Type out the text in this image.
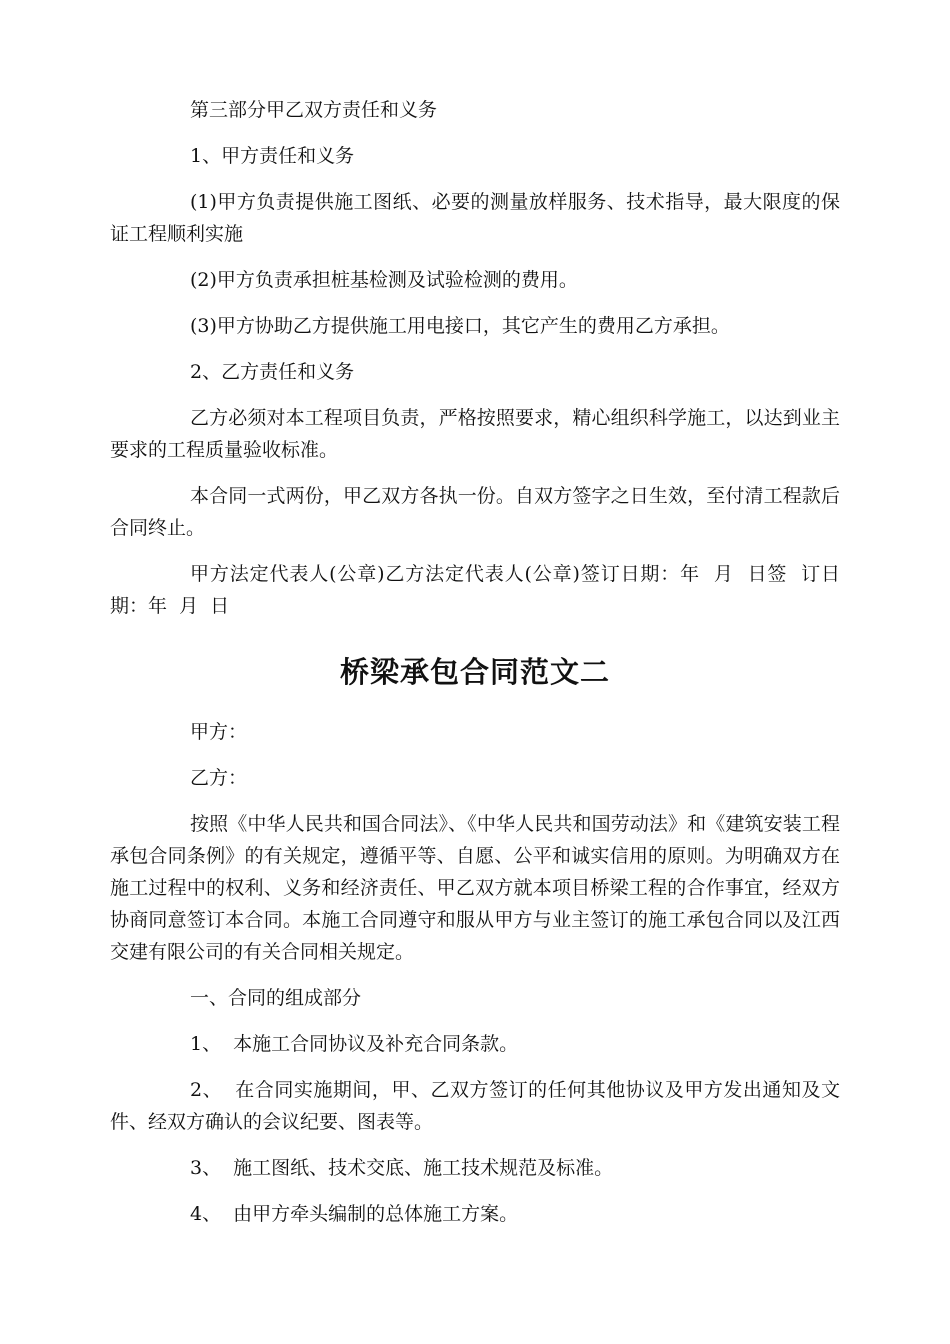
第三部分甲乙双方责任和义务

1、甲方责任和义务

(1)甲方负责提供施工图纸、必要的测量放样服务、技术指导，最大限度的保证工程顺利实施

(2)甲方负责承担桩基检测及试验检测的费用。

(3)甲方协助乙方提供施工用电接口，其它产生的费用乙方承担。

2、乙方责任和义务

乙方必须对本工程项目负责，严格按照要求，精心组织科学施工，以达到业主要求的工程质量验收标准。

本合同一式两份，甲乙双方各执一份。自双方签字之日生效，至付清工程款后合同终止。

甲方法定代表人(公章)乙方法定代表人(公章)签订日期：年  月  日签  订日期：年  月  日

桥梁承包合同范文二

甲方：

乙方：

按照《中华人民共和国合同法》、《中华人民共和国劳动法》和《建筑安装工程承包合同条例》的有关规定，遵循平等、自愿、公平和诚实信用的原则。为明确双方在施工过程中的权利、义务和经济责任、甲乙双方就本项目桥梁工程的合作事宜，经双方协商同意签订本合同。本施工合同遵守和服从甲方与业主签订的施工承包合同以及江西交建有限公司的有关合同相关规定。

一、合同的组成部分

1、  本施工合同协议及补充合同条款。

2、  在合同实施期间，甲、乙双方签订的任何其他协议及甲方发出通知及文件、经双方确认的会议纪要、图表等。

3、  施工图纸、技术交底、施工技术规范及标准。

4、  由甲方牵头编制的总体施工方案。
